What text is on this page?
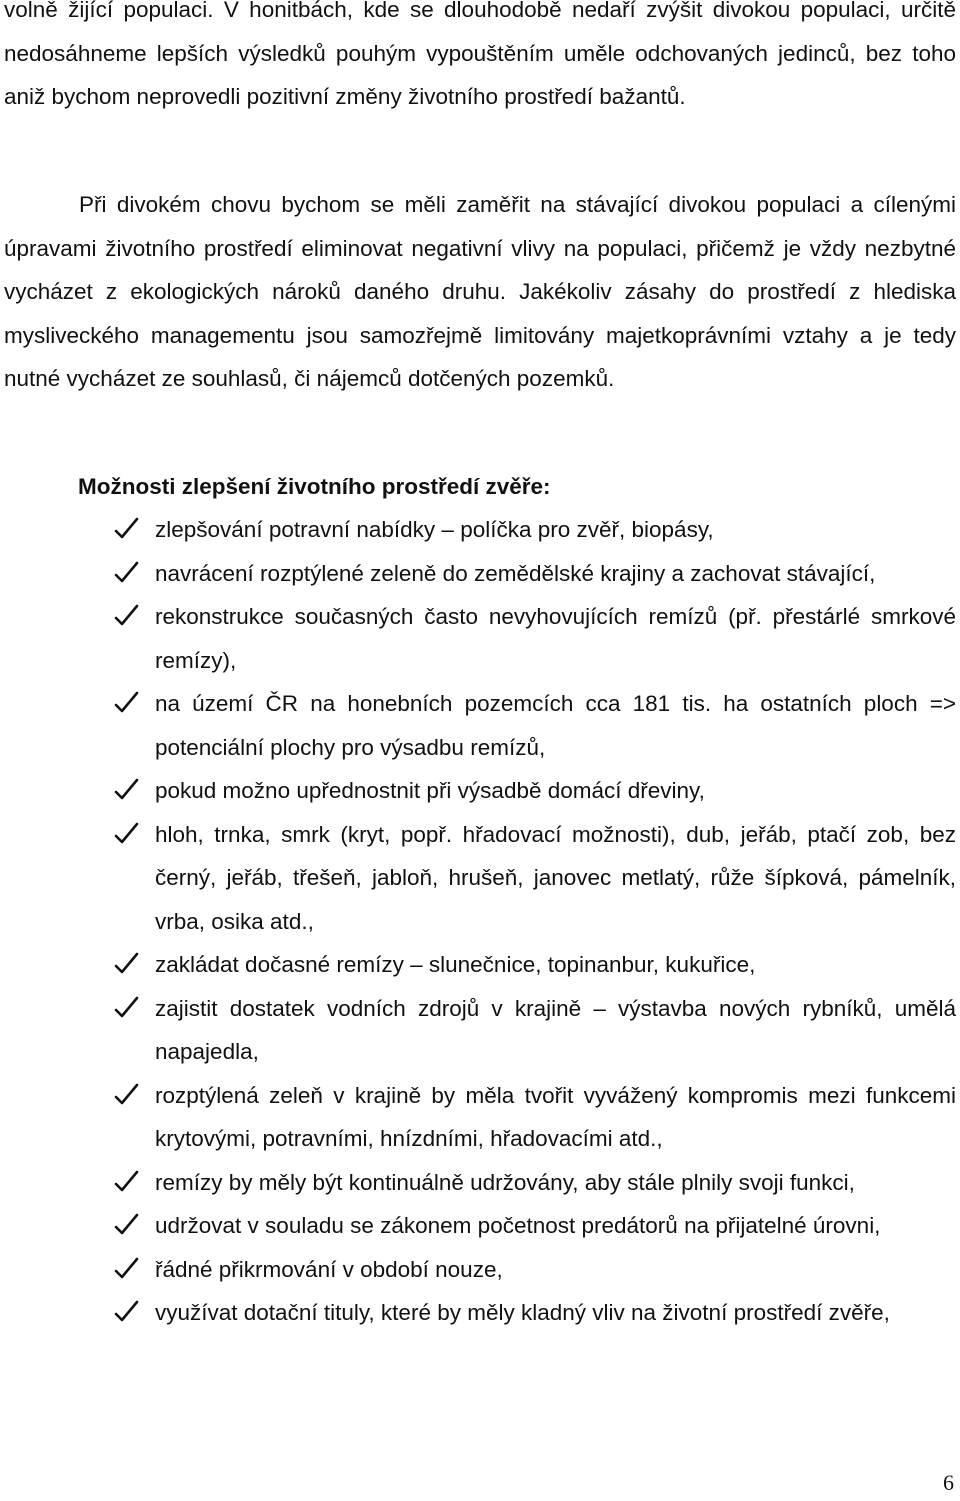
volně žijící populaci. V honitbách, kde se dlouhodobě nedaří zvýšit divokou populaci, určitě nedosáhneme lepších výsledků pouhým vypouštěním uměle odchovaných jedinců, bez toho aniž bychom neprovedli pozitivní změny životního prostředí bažantů.

Při divokém chovu bychom se měli zaměřit na stávající divokou populaci a cílenými úpravami životního prostředí eliminovat negativní vlivy na populaci, přičemž je vždy nezbytné vycházet z ekologických nároků daného druhu. Jakékoliv zásahy do prostředí z hlediska mysliveckého managementu jsou samozřejmě limitovány majetkoprávními vztahy a je tedy nutné vycházet ze souhlasů, či nájemců dotčených pozemků.

Možnosti zlepšení životního prostředí zvěře:

zlepšování potravní nabídky – políčka pro zvěř, biopásy,
navrácení rozptýlené zeleně do zemědělské krajiny a zachovat stávající,
rekonstrukce současných často nevyhovujících remízů (př. přestárlé smrkové remízy),
na území ČR na honebních pozemcích cca 181 tis. ha ostatních ploch => potenciální plochy pro výsadbu remízů,
pokud možno upřednostnit při výsadbě domácí dřeviny,
hloh, trnka, smrk (kryt, popř. hřadovací možnosti), dub, jeřáb, ptačí zob, bez černý, jeřáb, třešeň, jabloň, hrušeň, janovec metlatý, růže šípková, pámelník, vrba, osika atd.,
zakládat dočasné remízy – slunečnice, topinanbur, kukuřice,
zajistit dostatek vodních zdrojů v krajině – výstavba nových rybníků, umělá napajedla,
rozptýlená zeleň v krajině by měla tvořit vyvážený kompromis mezi funkcemi krytovými, potravními, hnízdními, hřadovacími atd.,
remízy by měly být kontinuálně udržovány, aby stále plnily svoji funkci,
udržovat v souladu se zákonem početnost predátorů na přijatelné úrovni,
řádné přikrmování v období nouze,
využívat dotační tituly, které by měly kladný vliv na životní prostředí zvěře,
6
